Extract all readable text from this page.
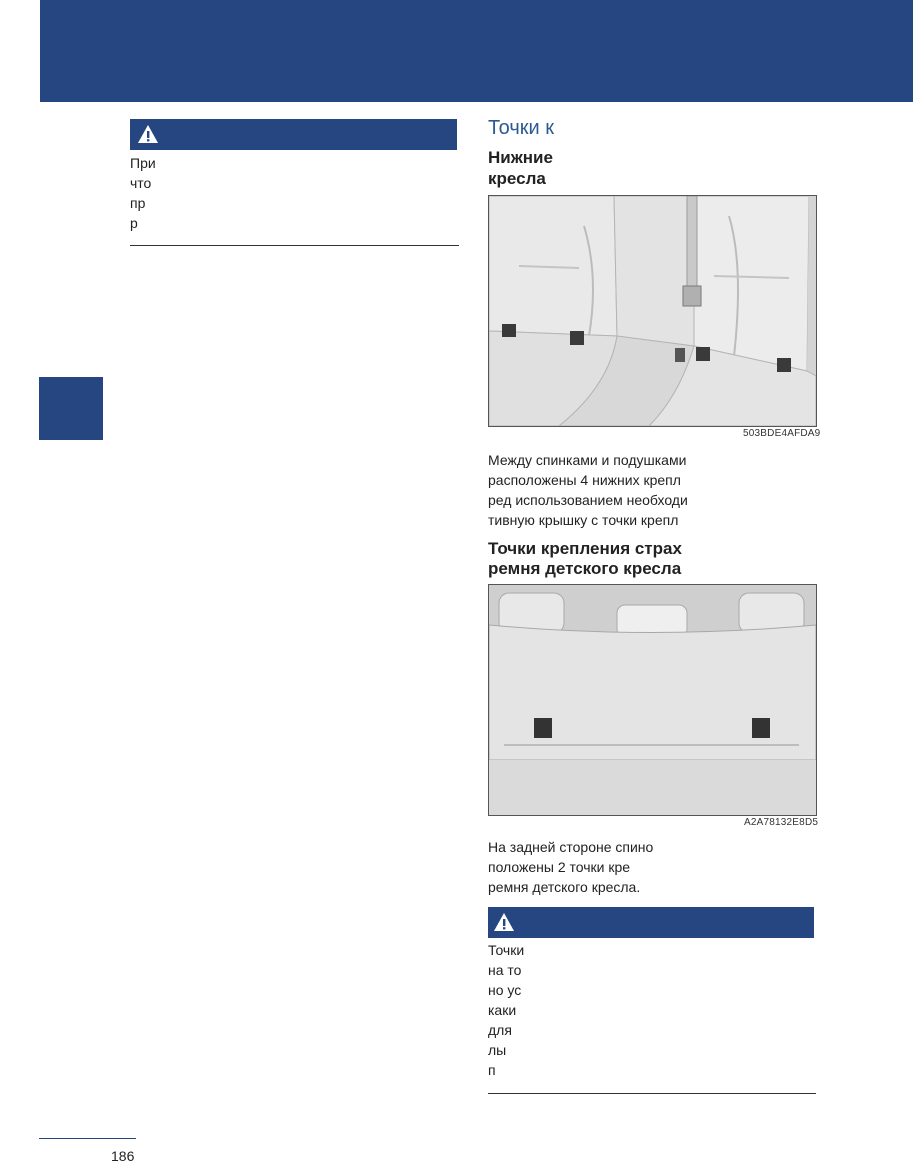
При
что
пр
р
Точки к
Нижние
кресла
503BDE4AFDA9
Между спинками и подушками
расположены 4 нижних крепл
ред использованием необходи
тивную крышку с точки крепл
Точки крепления страх
ремня детского кресла
A2A78132E8D5
На задней стороне спино
положены 2 точки кре
ремня детского кресла.
Точки
на то
но ус
каки
для
лы
п
186
